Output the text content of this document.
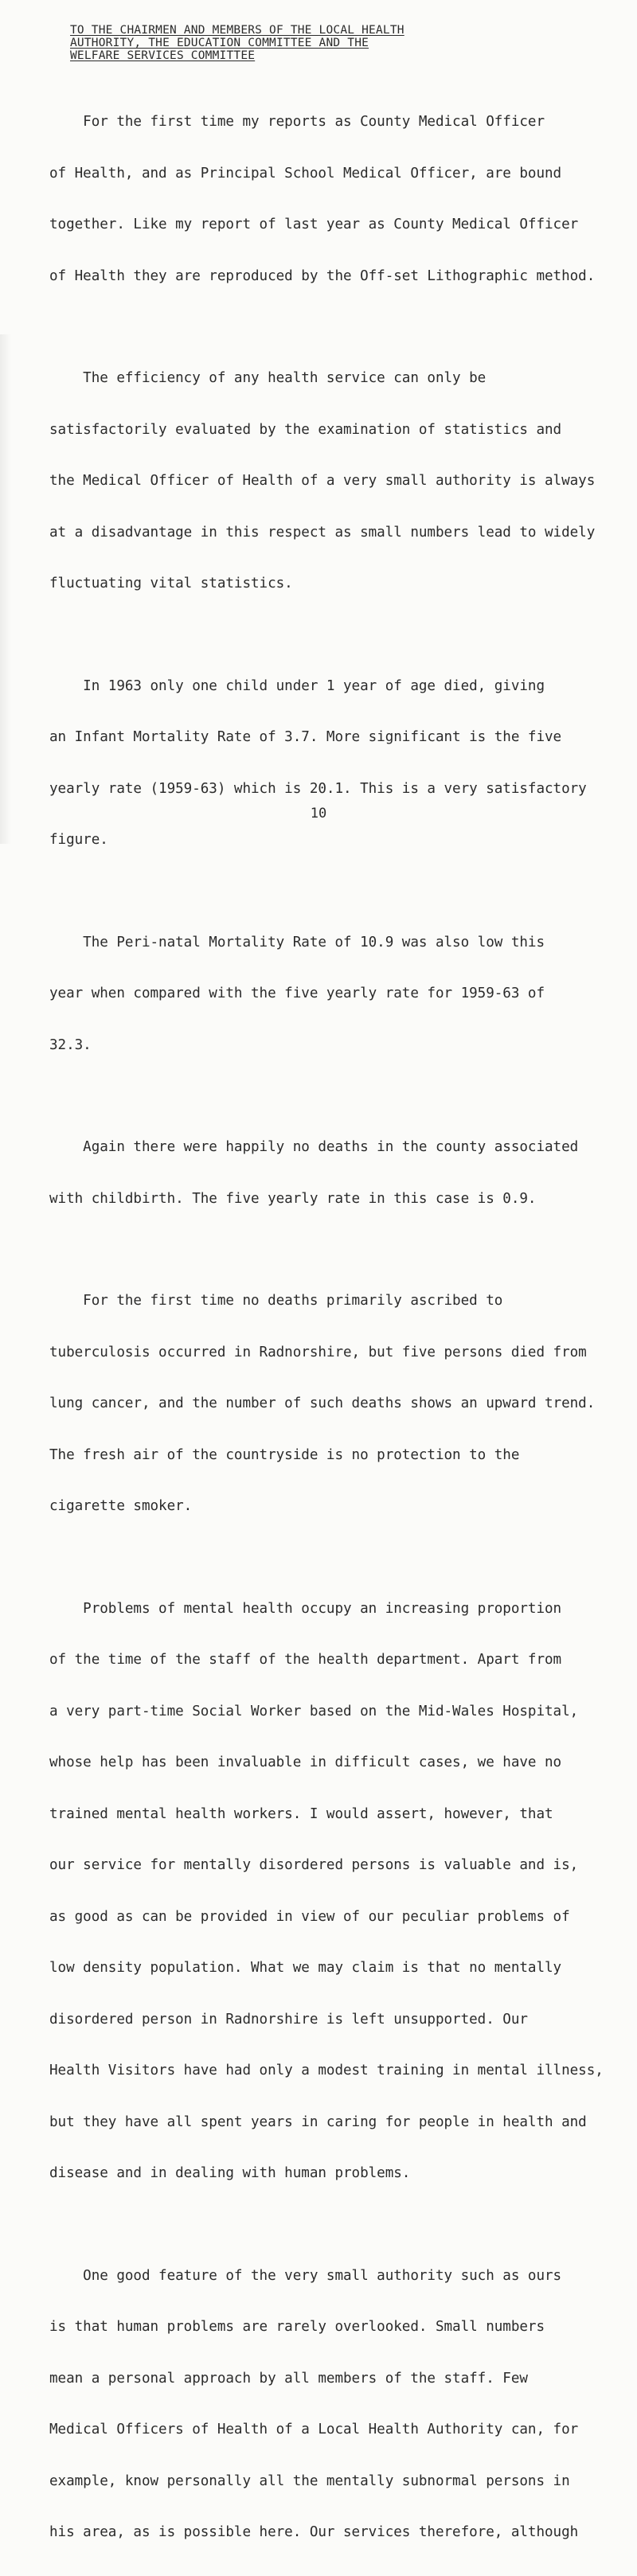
TO THE CHAIRMEN AND MEMBERS OF THE LOCAL HEALTH
AUTHORITY, THE EDUCATION COMMITTEE AND THE
WELFARE SERVICES COMMITTEE

For the first time my reports as County Medical Officer

of Health, and as Principal School Medical Officer, are bound

together. Like my report of last year as County Medical Officer

of Health they are reproduced by the Off-set Lithographic method.

The efficiency of any health service can only be

satisfactorily evaluated by the examination of statistics and

the Medical Officer of Health of a very small authority is always

at a disadvantage in this respect as small numbers lead to widely

fluctuating vital statistics.

In 1963 only one child under 1 year of age died, giving

an Infant Mortality Rate of 3.7. More significant is the five

yearly rate (1959-63) which is 20.1. This is a very satisfactory

figure.

The Peri-natal Mortality Rate of 10.9 was also low this

year when compared with the five yearly rate for 1959-63 of

32.3.

Again there were happily no deaths in the county associated

with childbirth. The five yearly rate in this case is 0.9.

For the first time no deaths primarily ascribed to

tuberculosis occurred in Radnorshire, but five persons died from

lung cancer, and the number of such deaths shows an upward trend.

The fresh air of the countryside is no protection to the

cigarette smoker.

Problems of mental health occupy an increasing proportion

of the time of the staff of the health department. Apart from

a very part-time Social Worker based on the Mid-Wales Hospital,

whose help has been invaluable in difficult cases, we have no

trained mental health workers. I would assert, however, that

our service for mentally disordered persons is valuable and is,

as good as can be provided in view of our peculiar problems of

low density population. What we may claim is that no mentally

disordered person in Radnorshire is left unsupported. Our

Health Visitors have had only a modest training in mental illness,

but they have all spent years in caring for people in health and

disease and in dealing with human problems.

One good feature of the very small authority such as ours

is that human problems are rarely overlooked. Small numbers

mean a personal approach by all members of the staff. Few

Medical Officers of Health of a Local Health Authority can, for

example, know personally all the mentally subnormal persons in

his area, as is possible here. Our services therefore, although

10
